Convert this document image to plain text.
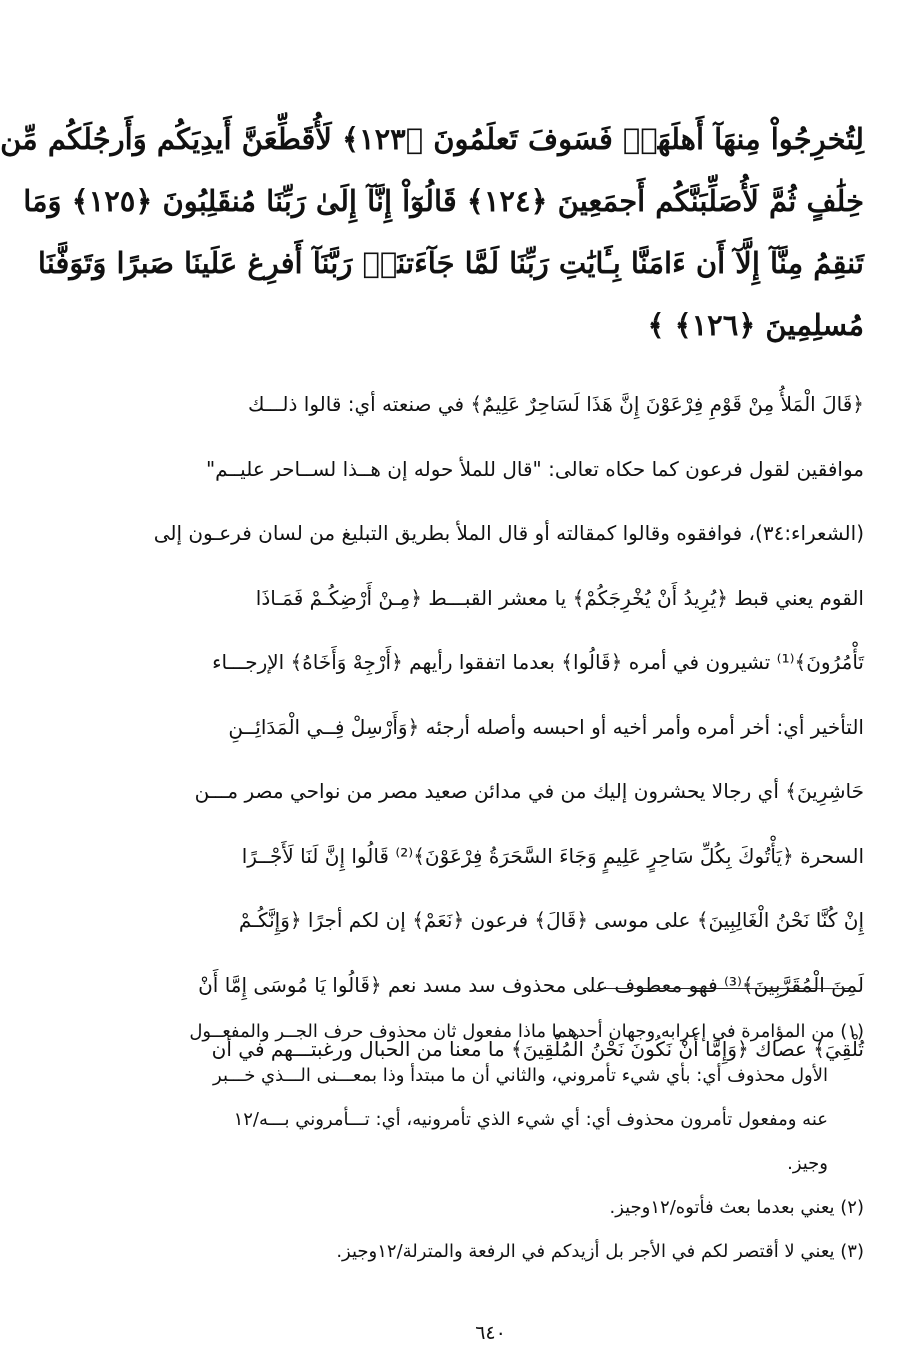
لِتُخرِجُواْ مِنهَآ أَهلَهَاۖ فَسَوفَ تَعلَمُونَ ﴿١٢٣﴾ لَأُقَطِّعَنَّ أَيدِيَكُم وَأَرجُلَكُم مِّن
خِلَٰفٍ ثُمَّ لَأُصَلِّبَنَّكُم أَجمَعِينَ ﴿١٢٤﴾ قَالُوٓاْ إِنَّآ إِلَىٰ رَبِّنَا مُنقَلِبُونَ ﴿١٢٥﴾ وَمَا
تَنقِمُ مِنَّآ إِلَّآ أَن ءَامَنَّا بِـَٔايَٰتِ رَبِّنَا لَمَّا جَآءَتنَاۚ رَبَّنَآ أَفرِغ عَلَينَا صَبرًا وَتَوَفَّنَا
مُسلِمِينَ ﴿١٢٦﴾ ﴾
﴿قَالَ الْمَلأُ مِنْ قَوْمِ فِرْعَوْنَ إِنَّ هَذَا لَسَاحِرٌ عَلِيمٌ﴾ في صنعته أي: قالوا ذلـــك
موافقين لقول فرعون كما حكاه تعالى: "قال للملأ حوله إن هــذا لســاحر عليــم"
(الشعراء:٣٤)، فوافقوه وقالوا كمقالته أو قال الملأ بطريق التبليغ من لسان فرعـون إلى
القوم يعني قبط ﴿يُرِيدُ أَنْ يُخْرِجَكُمْ﴾ يا معشر القبـــط ﴿مِـنْ أَرْضِكُـمْ فَمَـاذَا
تَأْمُرُونَ﴾⁽¹⁾ تشيرون في أمره ﴿قَالُوا﴾ بعدما اتفقوا رأيهم ﴿أَرْجِهْ وَأَخَاهُ﴾ الإرجـــاء
التأخير أي: أخر أمره وأمر أخيه أو احبسه وأصله أرجئه ﴿وَأَرْسِلْ فِــي الْمَدَائِــنِ
حَاشِرِينَ﴾ أي رجالا يحشرون إليك من في مدائن صعيد مصر من نواحي مصر مـــن
السحرة ﴿يَأْتُوكَ بِكُلِّ سَاحِرٍ عَلِيمٍ وَجَاءَ السَّحَرَةُ فِرْعَوْنَ﴾⁽²⁾ قَالُوا إِنَّ لَنَا لَأَجْــرًا
إِنْ كُنَّا نَحْنُ الْغَالِبِينَ﴾ على موسى ﴿قَالَ﴾ فرعون ﴿نَعَمْ﴾ إن لكم أجرًا ﴿وَإِنَّكُـمْ
لَمِنَ الْمُقَرَّبِينَ﴾⁽³⁾ فهو معطوف على محذوف سد مسد نعم ﴿قَالُوا يَا مُوسَى إِمَّا أَنْ
تُلْقِيَ﴾ عصاك ﴿وَإِمَّا أَنْ نَكُونَ نَحْنُ الْمُلْقِينَ﴾ ما معنا من الحبال ورغبتـــهم في أن
(١) من المؤامرة في إعرابه وجهان أحدهما ماذا مفعول ثان محذوف حرف الجــر والمفعــول
الأول محذوف أي: بأي شيء تأمروني، والثاني أن ما مبتدأ وذا بمعـــنى الـــذي خـــبر
عنه ومفعول تأمرون محذوف أي: أي شيء الذي تأمرونيه، أي: تـــأمروني بـــه/١٢
وجيز.
(٢) يعني بعدما بعث فأتوه/١٢وجيز.
(٣) يعني لا أقتصر لكم في الأجر بل أزيدكم في الرفعة والمترلة/١٢وجيز.
٦٤٠
